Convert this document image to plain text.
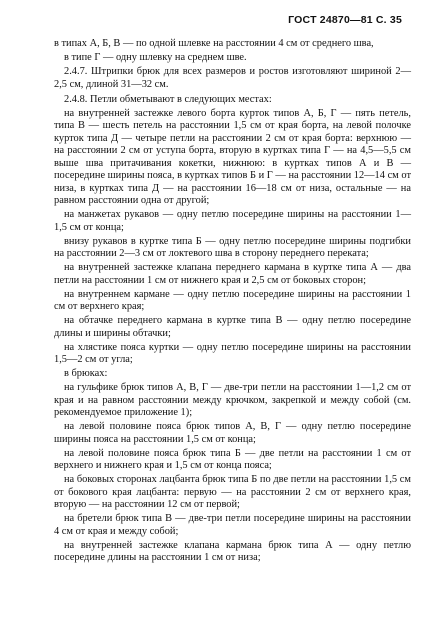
ГОСТ 24870—81 С. 35

в типах А, Б, В — по одной шлевке на расстоянии 4 см от среднего шва,

в типе Г — одну шлевку на среднем шве.

2.4.7. Штрипки брюк для всех размеров и ростов изготовляют шириной 2—2,5 см, длиной 31—32 см.

2.4.8. Петли обметывают в следующих местах:

на внутренней застежке левого борта курток типов А, Б, Г — пять петель, типа В — шесть петель на расстоянии 1,5 см от края борта, на левой полочке курток типа Д — четыре петли на расстоянии 2 см от края борта: верхнюю — на расстоянии 2 см от уступа борта, вторую в куртках типа Г — на 4,5—5,5 см выше шва притачивания кокетки, нижнюю: в куртках типов А и В — посередине ширины пояса, в куртках типов Б и Г — на расстоянии 12—14 см от низа, в куртках типа Д — на расстоянии 16—18 см от низа, остальные — на равном расстоянии одна от другой;

на манжетах рукавов — одну петлю посередине ширины на расстоянии 1—1,5 см от конца;

внизу рукавов в куртке типа Б — одну петлю посередине ширины подгибки на расстоянии 2—3 см от локтевого шва в сторону переднего переката;

на внутренней застежке клапана переднего кармана в куртке типа А — два петли на расстоянии 1 см от нижнего края и 2,5 см от боковых сторон;

на внутреннем кармане — одну петлю посередине ширины на расстоянии 1 см от верхнего края;

на обтачке переднего кармана в куртке типа В — одну петлю посередине длины и ширины обтачки;

на хлястике пояса куртки — одну петлю посередине ширины на расстоянии 1,5—2 см от угла;

в брюках:

на гульфике брюк типов А, В, Г — две-три петли на расстоянии 1—1,2 см от края и на равном расстоянии между крючком, закрепкой и между собой (см. рекомендуемое приложение 1);

на левой половине пояса брюк типов А, В, Г — одну петлю посередине ширины пояса на расстоянии 1,5 см от конца;

на левой половине пояса брюк типа Б — две петли на расстоянии 1 см от верхнего и нижнего края и 1,5 см от конца пояса;

на боковых сторонах лацбанта брюк типа Б по две петли на расстоянии 1,5 см от бокового края лацбанта: первую — на расстоянии 2 см от верхнего края, вторую — на расстоянии 12 см от первой;

на бретели брюк типа В — две-три петли посередине ширины на расстоянии 4 см от края и между собой;

на внутренней застежке клапана кармана брюк типа А — одну петлю посередине длины на расстоянии 1 см от низа;
